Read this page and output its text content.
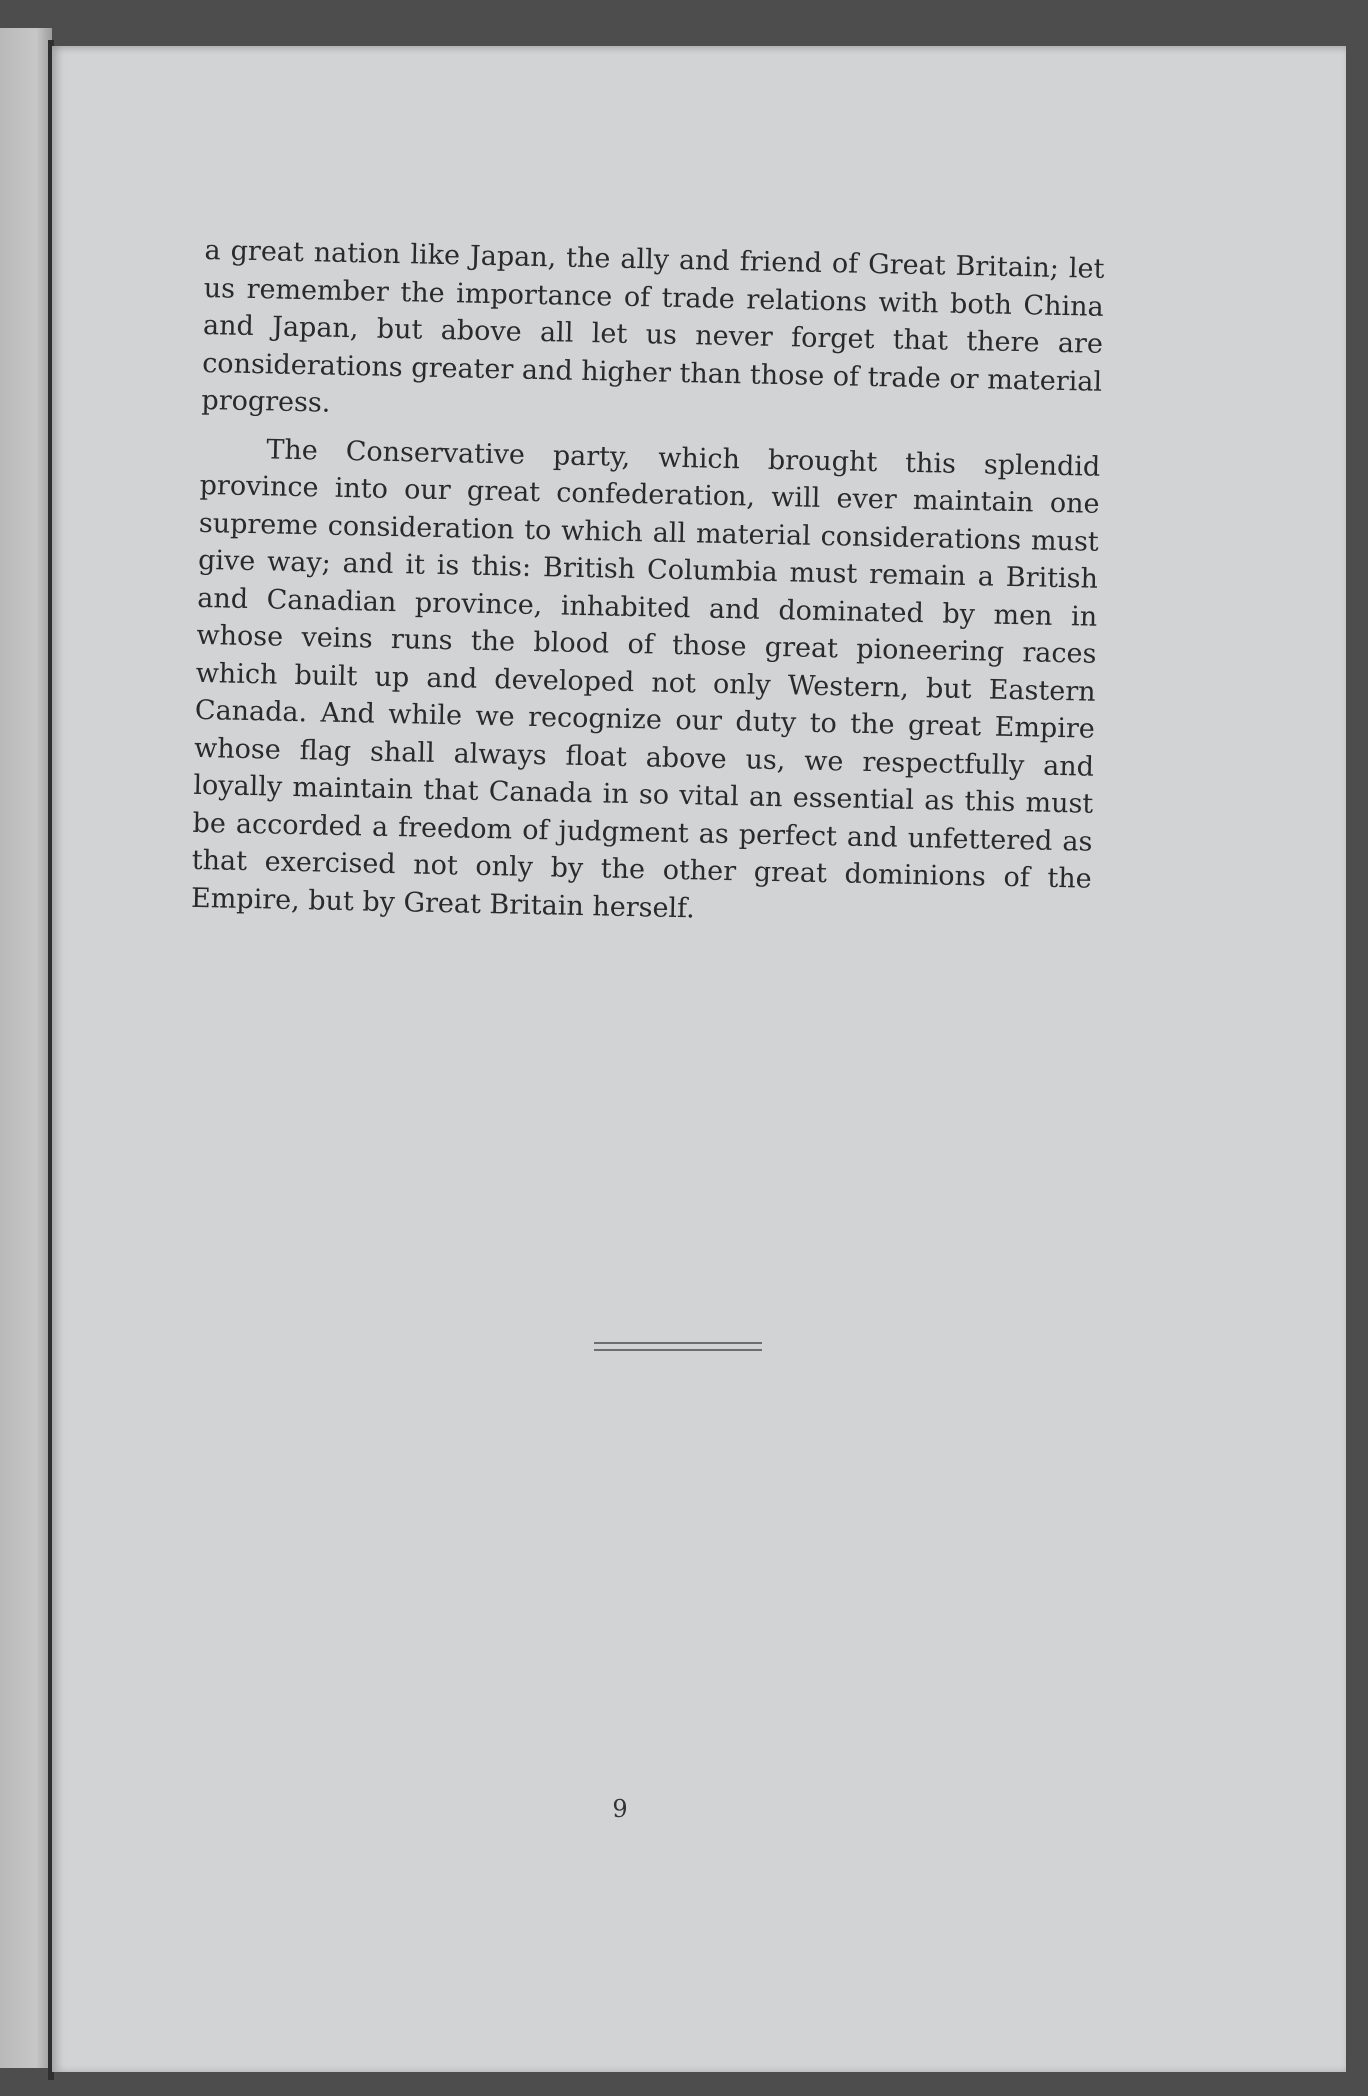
a great nation like Japan, the ally and friend of Great Britain; let us remember the importance of trade relations with both China and Japan, but above all let us never forget that there are considerations greater and higher than those of trade or material progress.

The Conservative party, which brought this splendid province into our great confederation, will ever maintain one supreme consideration to which all material considerations must give way; and it is this: British Columbia must remain a British and Canadian province, inhabited and dominated by men in whose veins runs the blood of those great pioneering races which built up and developed not only Western, but Eastern Canada. And while we recognize our duty to the great Empire whose flag shall always float above us, we respectfully and loyally maintain that Canada in so vital an essential as this must be accorded a freedom of judgment as perfect and unfettered as that exercised not only by the other great dominions of the Empire, but by Great Britain herself.

9
